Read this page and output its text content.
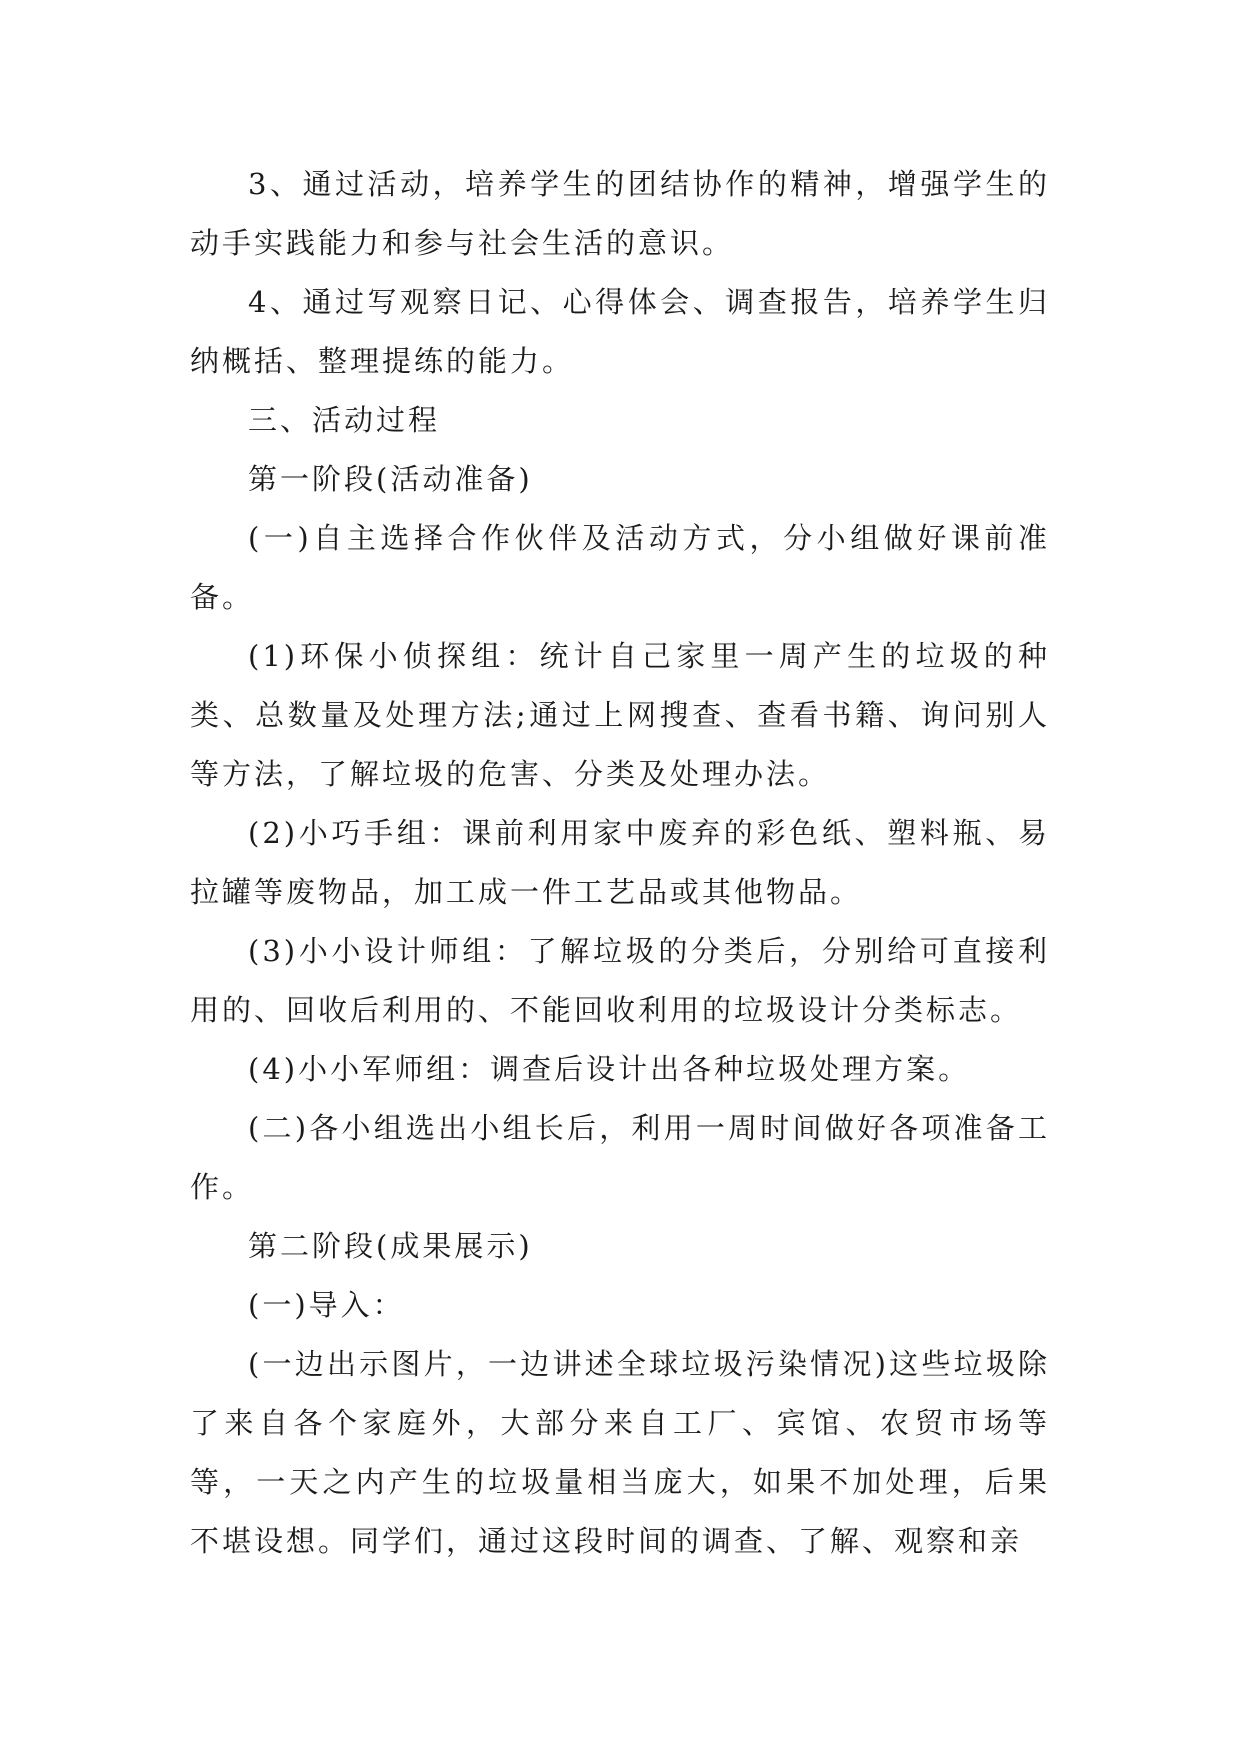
3、通过活动，培养学生的团结协作的精神，增强学生的动手实践能力和参与社会生活的意识。

4、通过写观察日记、心得体会、调查报告，培养学生归纳概括、整理提练的能力。

三、活动过程

第一阶段(活动准备)

(一)自主选择合作伙伴及活动方式，分小组做好课前准备。

(1)环保小侦探组：统计自己家里一周产生的垃圾的种类、总数量及处理方法;通过上网搜查、查看书籍、询问别人等方法，了解垃圾的危害、分类及处理办法。

(2)小巧手组：课前利用家中废弃的彩色纸、塑料瓶、易拉罐等废物品，加工成一件工艺品或其他物品。

(3)小小设计师组：了解垃圾的分类后，分别给可直接利用的、回收后利用的、不能回收利用的垃圾设计分类标志。

(4)小小军师组：调查后设计出各种垃圾处理方案。

(二)各小组选出小组长后，利用一周时间做好各项准备工作。

第二阶段(成果展示)

(一)导入：

(一边出示图片，一边讲述全球垃圾污染情况)这些垃圾除了来自各个家庭外，大部分来自工厂、宾馆、农贸市场等等，一天之内产生的垃圾量相当庞大，如果不加处理，后果不堪设想。同学们，通过这段时间的调查、了解、观察和亲
